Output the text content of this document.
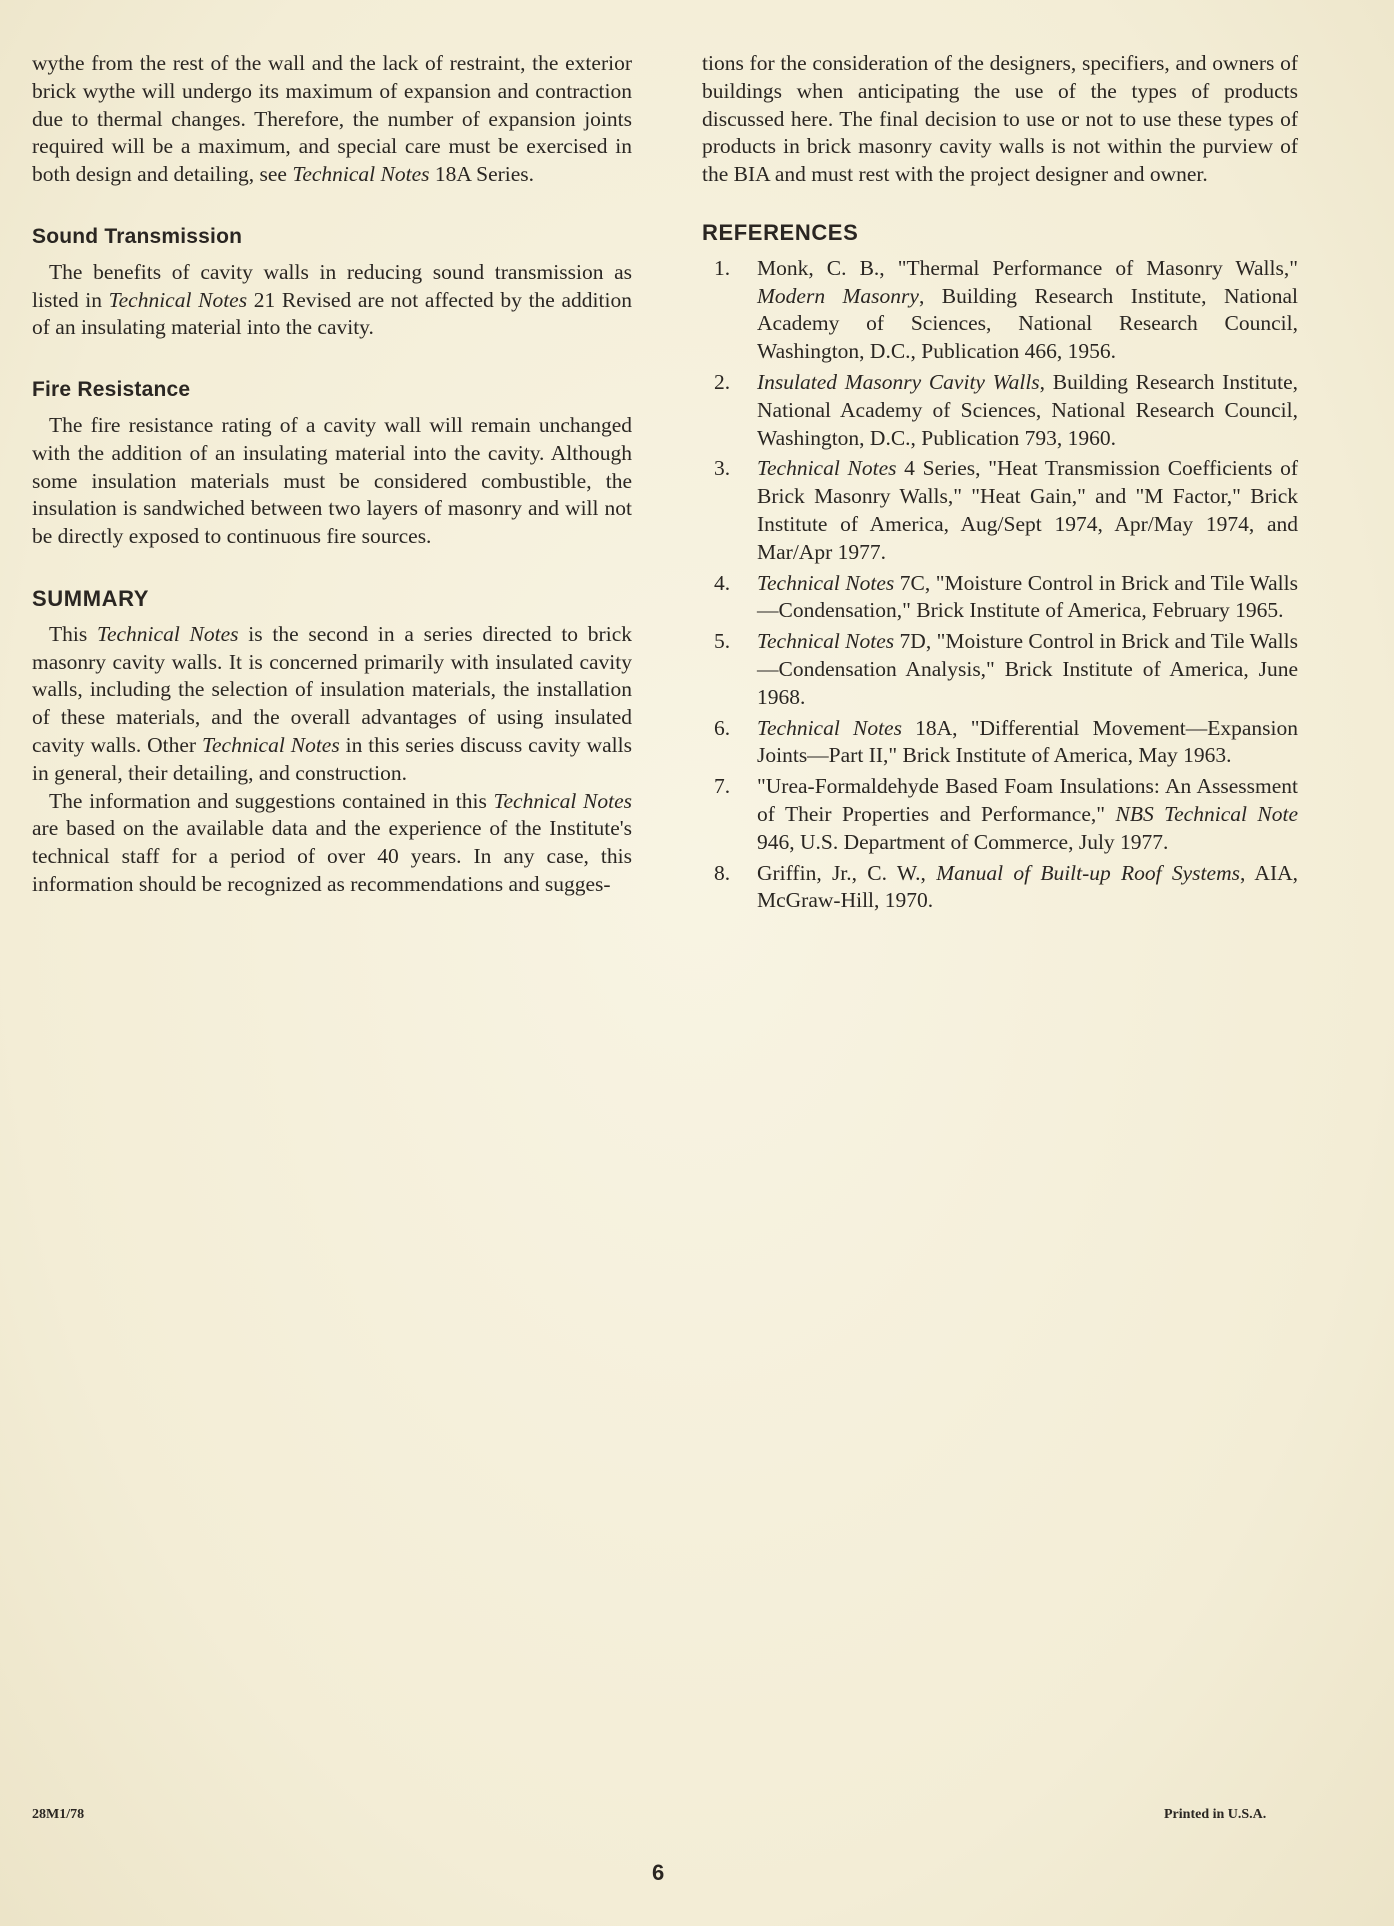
wythe from the rest of the wall and the lack of restraint, the exterior brick wythe will undergo its maximum of expansion and contraction due to thermal changes. Therefore, the number of expansion joints required will be a maximum, and special care must be exercised in both design and detailing, see Technical Notes 18A Series.

Sound Transmission

The benefits of cavity walls in reducing sound transmission as listed in Technical Notes 21 Revised are not affected by the addition of an insulating material into the cavity.

Fire Resistance

The fire resistance rating of a cavity wall will remain unchanged with the addition of an insulating material into the cavity. Although some insulation materials must be considered combustible, the insulation is sandwiched between two layers of masonry and will not be directly exposed to continuous fire sources.

SUMMARY

This Technical Notes is the second in a series directed to brick masonry cavity walls. It is concerned primarily with insulated cavity walls, including the selection of insulation materials, the installation of these materials, and the overall advantages of using insulated cavity walls. Other Technical Notes in this series discuss cavity walls in general, their detailing, and construction.

The information and suggestions contained in this Technical Notes are based on the available data and the experience of the Institute's technical staff for a period of over 40 years. In any case, this information should be recognized as recommendations and sugges-

tions for the consideration of the designers, specifiers, and owners of buildings when anticipating the use of the types of products discussed here. The final decision to use or not to use these types of products in brick masonry cavity walls is not within the purview of the BIA and must rest with the project designer and owner.

REFERENCES
1.	Monk, C. B., "Thermal Performance of Masonry Walls," Modern Masonry, Building Research Institute, National Academy of Sciences, National Research Council, Washington, D.C., Publication 466, 1956.
2.	Insulated Masonry Cavity Walls, Building Research Institute, National Academy of Sciences, National Research Council, Washington, D.C., Publication 793, 1960.
3.	Technical Notes 4 Series, "Heat Transmission Coefficients of Brick Masonry Walls," "Heat Gain," and "M Factor," Brick Institute of America, Aug/Sept 1974, Apr/May 1974, and Mar/Apr 1977.
4.	Technical Notes 7C, "Moisture Control in Brick and Tile Walls—Condensation," Brick Institute of America, February 1965.
5.	Technical Notes 7D, "Moisture Control in Brick and Tile Walls—Condensation Analysis," Brick Institute of America, June 1968.
6.	Technical Notes 18A, "Differential Movement—Expansion Joints—Part II," Brick Institute of America, May 1963.
7.	"Urea-Formaldehyde Based Foam Insulations: An Assessment of Their Properties and Performance," NBS Technical Note 946, U.S. Department of Commerce, July 1977.
8.	Griffin, Jr., C. W., Manual of Built-up Roof Systems, AIA, McGraw-Hill, 1970.
28M1/78	Printed in U.S.A.
6
